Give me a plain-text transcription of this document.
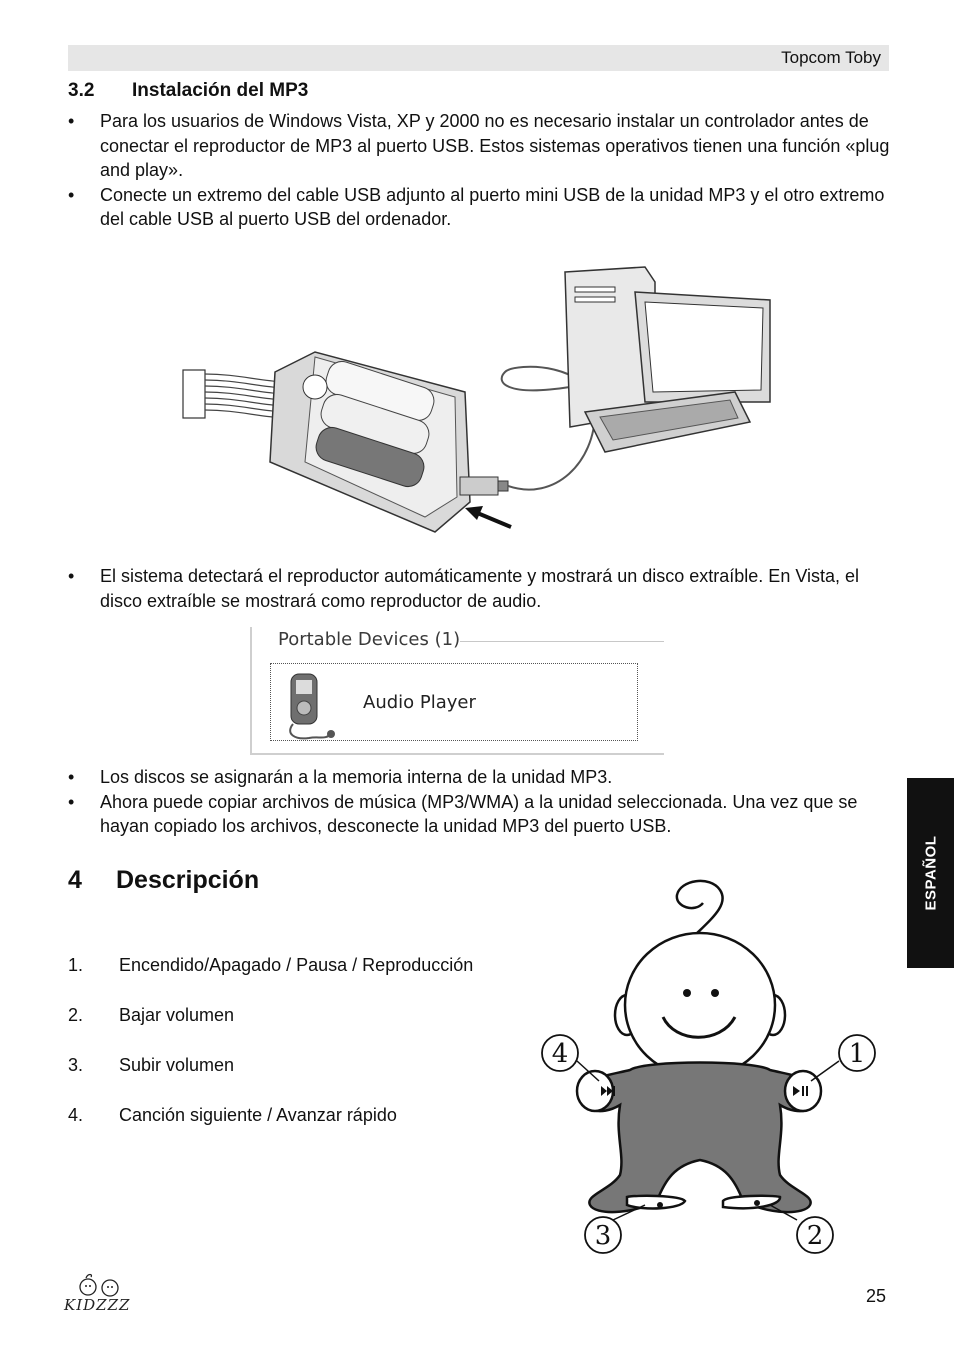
Topcom Toby
3.2 Instalación del MP3
• Para los usuarios de Windows Vista, XP y 2000 no es necesario instalar un controlador antes de conectar el reproductor de MP3 al puerto USB. Estos sistemas operativos tienen una función «plug and play».
• Conecte un extremo del cable USB adjunto al puerto mini USB de la unidad MP3 y el otro extremo del cable USB al puerto USB del ordenador.
• El sistema detectará el reproductor automáticamente y mostrará un disco extraíble. En Vista, el disco extraíble se mostrará como reproductor de audio.
Portable Devices (1)
Audio Player
• Los discos se asignarán a la memoria interna de la unidad MP3.
• Ahora puede copiar archivos de música (MP3/WMA) a la unidad seleccionada. Una vez que se hayan copiado los archivos, desconecte la unidad MP3 del puerto USB.
4 Descripción
1. Encendido/Apagado / Pausa / Reproducción
2. Bajar volumen
3. Subir volumen
4. Canción siguiente / Avanzar rápido
1
2
3
4
ESPAÑOL
KIDZZZ	25
